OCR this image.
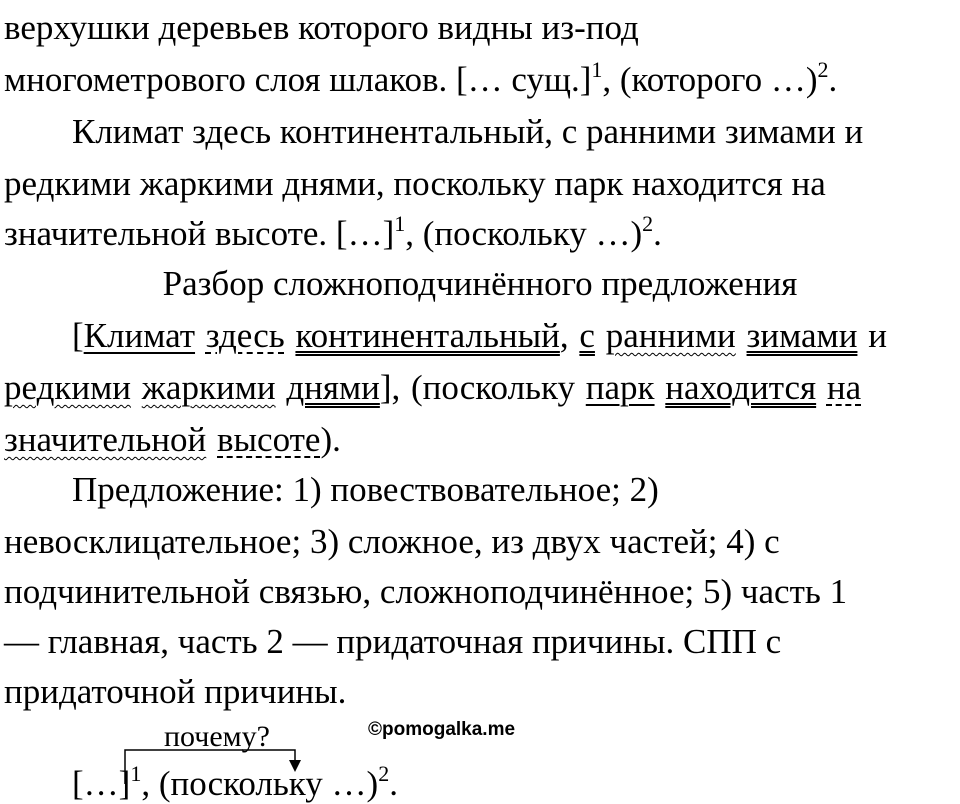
верхушки деревьев которого видны из-под
многометрового слоя шлаков. [… сущ.]$^1$, (которого …)$^2$.
Климат здесь континентальный, с ранними зимами и
редкими жаркими днями, поскольку парк находится на
значительной высоте. […]$^1$, (поскольку …)$^2$.
Разбор сложноподчинённого предложения
[Климат здесь континентальный, с ранними зимами и
редкими жаркими днями], (поскольку парк находится на
значительной высоте).
Предложение: 1) повествовательное; 2)
невосклицательное; 3) сложное, из двух частей; 4) с
подчинительной связью, сложноподчинённое; 5) часть 1
— главная, часть 2 — придаточная причины. СПП с
придаточной причины.
почему?
[…]$^1$, (поскольку …)$^2$.
©pomogalka.me
